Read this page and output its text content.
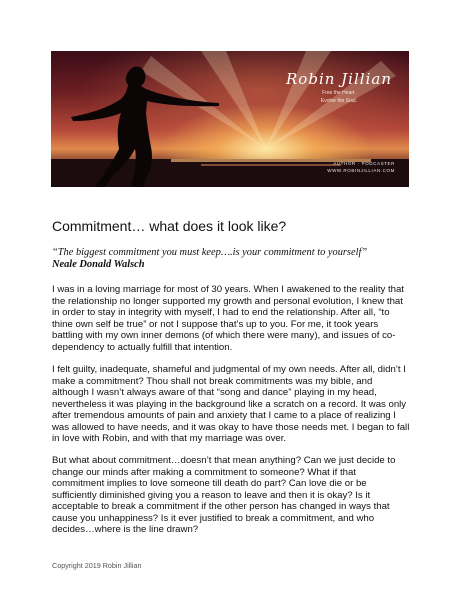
Robin Jillian
Free the Heart.
Evolve the Soul.
AUTHOR · PODCASTER
WWW.ROBINJILLIAN.COM
Commitment… what does it look like?
“The biggest commitment you must keep….is your commitment to yourself”
Neale Donald Walsch

I was in a loving marriage for most of 30 years. When I awakened to the reality that the relationship no longer supported my growth and personal evolution, I knew that in order to stay in integrity with myself, I had to end the relationship. After all, “to thine own self be true” or not I suppose that’s up to you. For me, it took years battling with my own inner demons (of which there were many), and issues of co-dependency to actually fulfill that intention.

I felt guilty, inadequate, shameful and judgmental of my own needs. After all, didn’t I make a commitment? Thou shall not break commitments was my bible, and although I wasn’t always aware of that “song and dance” playing in my head, nevertheless it was playing in the background like a scratch on a record. It was only after tremendous amounts of pain and anxiety that I came to a place of realizing I was allowed to have needs, and it was okay to have those needs met. I began to fall in love with Robin, and with that my marriage was over.

But what about commitment…doesn’t that mean anything? Can we just decide to change our minds after making a commitment to someone? What if that commitment implies to love someone till death do part? Can love die or be sufficiently diminished giving you a reason to leave and then it is okay? Is it acceptable to break a commitment if the other person has changed in ways that cause you unhappiness? Is it ever justified to break a commitment, and who decides…where is the line drawn?

Copyright 2019 Robin Jillian
